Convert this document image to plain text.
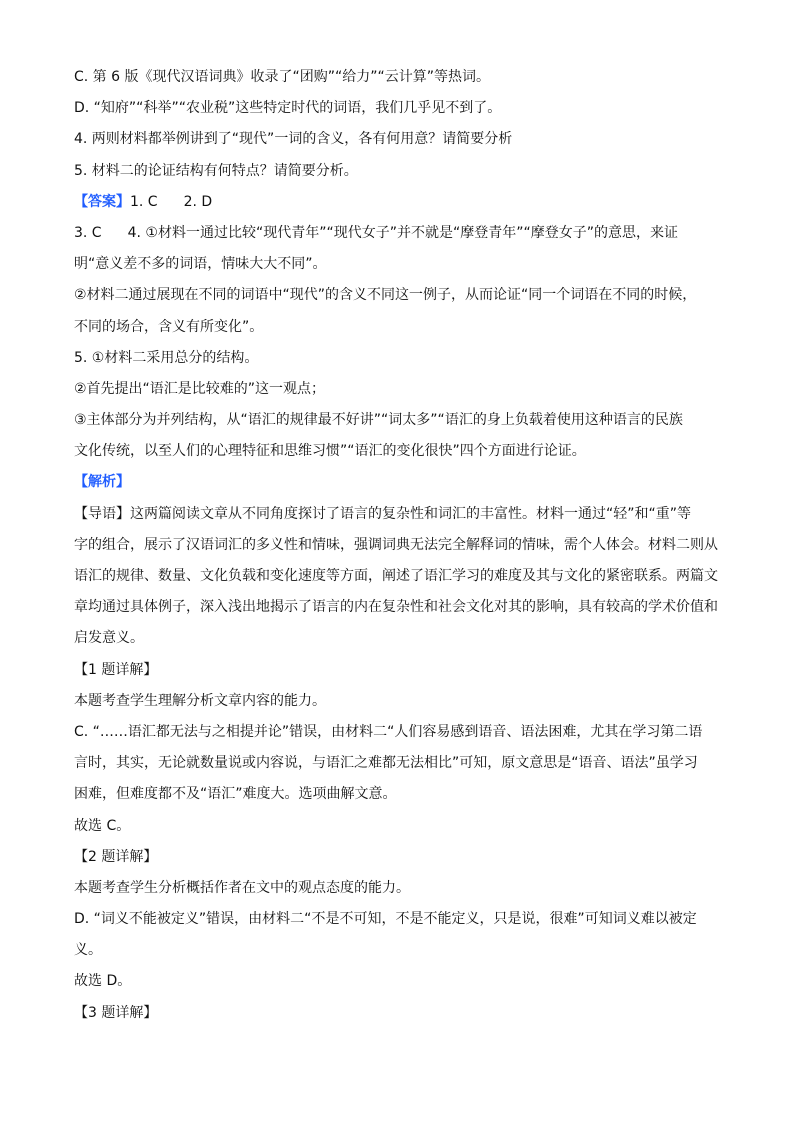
C. 第 6 版《现代汉语词典》收录了“团购”“给力”“云计算”等热词。
D. “知府”“科举”“农业税”这些特定时代的词语，我们几乎见不到了。
4. 两则材料都举例讲到了“现代”一词的含义，各有何用意？请简要分析
5. 材料二的论证结构有何特点？请简要分析。
【答案】1. C 2. D
3. C 4. ①材料一通过比较“现代青年”“现代女子”并不就是“摩登青年”“摩登女子”的意思，来证
明“意义差不多的词语，情味大大不同”。
②材料二通过展现在不同的词语中“现代”的含义不同这一例子，从而论证“同一个词语在不同的时候，
不同的场合，含义有所变化”。
5. ①材料二采用总分的结构。
②首先提出“语汇是比较难的”这一观点；
③主体部分为并列结构，从“语汇的规律最不好讲”“词太多”“语汇的身上负载着使用这种语言的民族
文化传统，以至人们的心理特征和思维习惯”“语汇的变化很快”四个方面进行论证。
【解析】
【导语】这两篇阅读文章从不同角度探讨了语言的复杂性和词汇的丰富性。材料一通过“轻”和“重”等
字的组合，展示了汉语词汇的多义性和情味，强调词典无法完全解释词的情味，需个人体会。材料二则从
语汇的规律、数量、文化负载和变化速度等方面，阐述了语汇学习的难度及其与文化的紧密联系。两篇文
章均通过具体例子，深入浅出地揭示了语言的内在复杂性和社会文化对其的影响，具有较高的学术价值和
启发意义。
【1 题详解】
本题考查学生理解分析文章内容的能力。
C. “……语汇都无法与之相提并论”错误，由材料二“人们容易感到语音、语法困难，尤其在学习第二语
言时，其实，无论就数量说或内容说，与语汇之难都无法相比”可知，原文意思是“语音、语法”虽学习
困难，但难度都不及“语汇”难度大。选项曲解文意。
故选 C。
【2 题详解】
本题考查学生分析概括作者在文中的观点态度的能力。
D. “词义不能被定义”错误，由材料二“不是不可知，不是不能定义，只是说，很难”可知词义难以被定
义。
故选 D。
【3 题详解】
